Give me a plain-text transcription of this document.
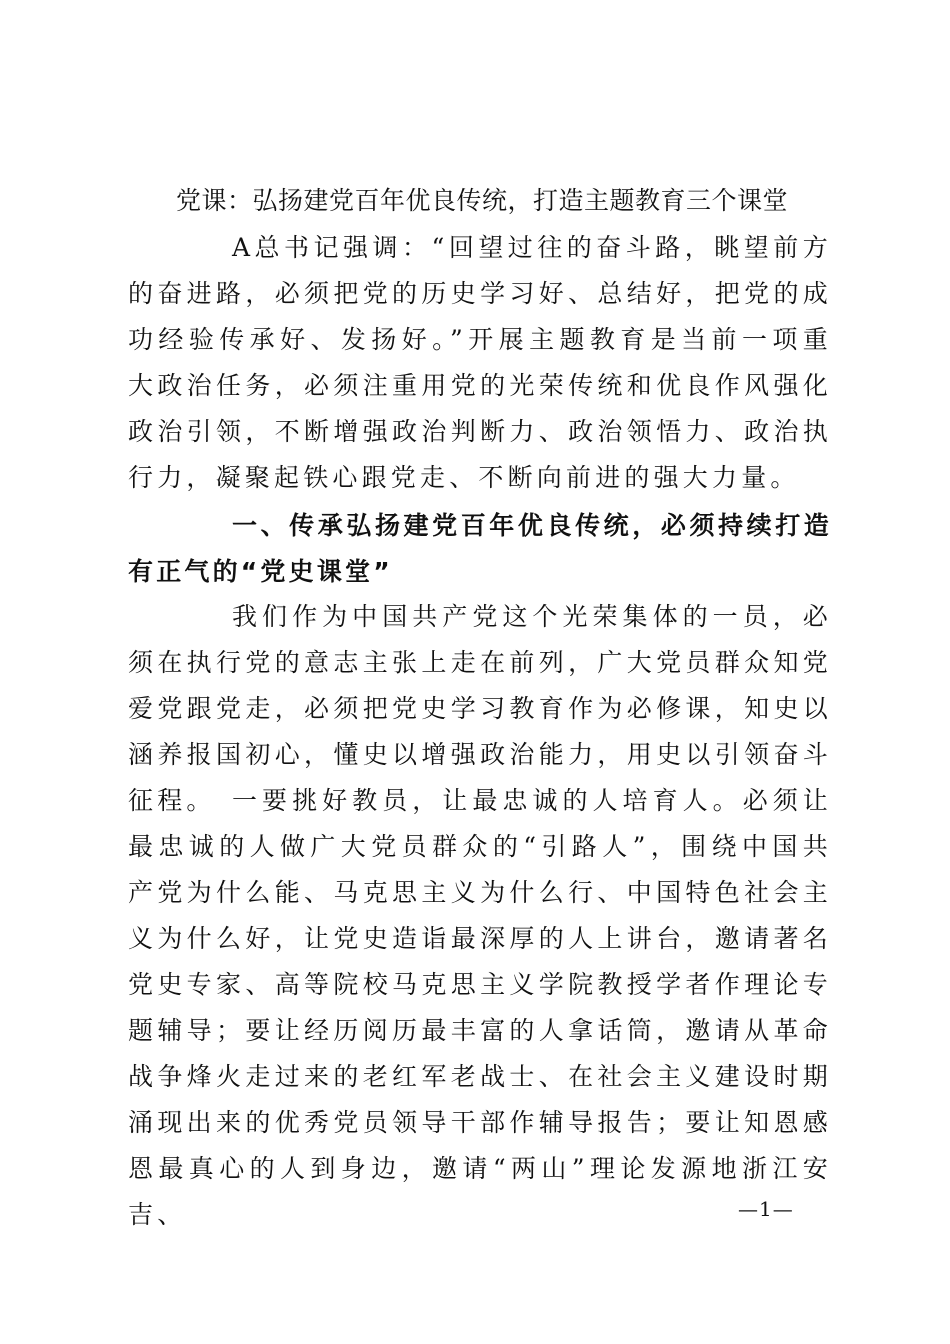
党课：弘扬建党百年优良传统，打造主题教育三个课堂
A总书记强调：“回望过往的奋斗路，眺望前方的奋进路，必须把党的历史学习好、总结好，把党的成功经验传承好、发扬好。”开展主题教育是当前一项重大政治任务，必须注重用党的光荣传统和优良作风强化政治引领，不断增强政治判断力、政治领悟力、政治执行力，凝聚起铁心跟党走、不断向前进的强大力量。
一、传承弘扬建党百年优良传统，必须持续打造有正气的“党史课堂”
我们作为中国共产党这个光荣集体的一员，必须在执行党的意志主张上走在前列，广大党员群众知党爱党跟党走，必须把党史学习教育作为必修课，知史以涵养报国初心，懂史以增强政治能力，用史以引领奋斗征程。 一要挑好教员，让最忠诚的人培育人。必须让最忠诚的人做广大党员群众的“引路人”，围绕中国共产党为什么能、马克思主义为什么行、中国特色社会主义为什么好，让党史造诣最深厚的人上讲台，邀请著名党史专家、高等院校马克思主义学院教授学者作理论专题辅导；要让经历阅历最丰富的人拿话筒，邀请从革命战争烽火走过来的老红军老战士、在社会主义建设时期涌现出来的优秀党员领导干部作辅导报告；要让知恩感恩最真心的人到身边，邀请“两山”理论发源地浙江安吉、	—1—
